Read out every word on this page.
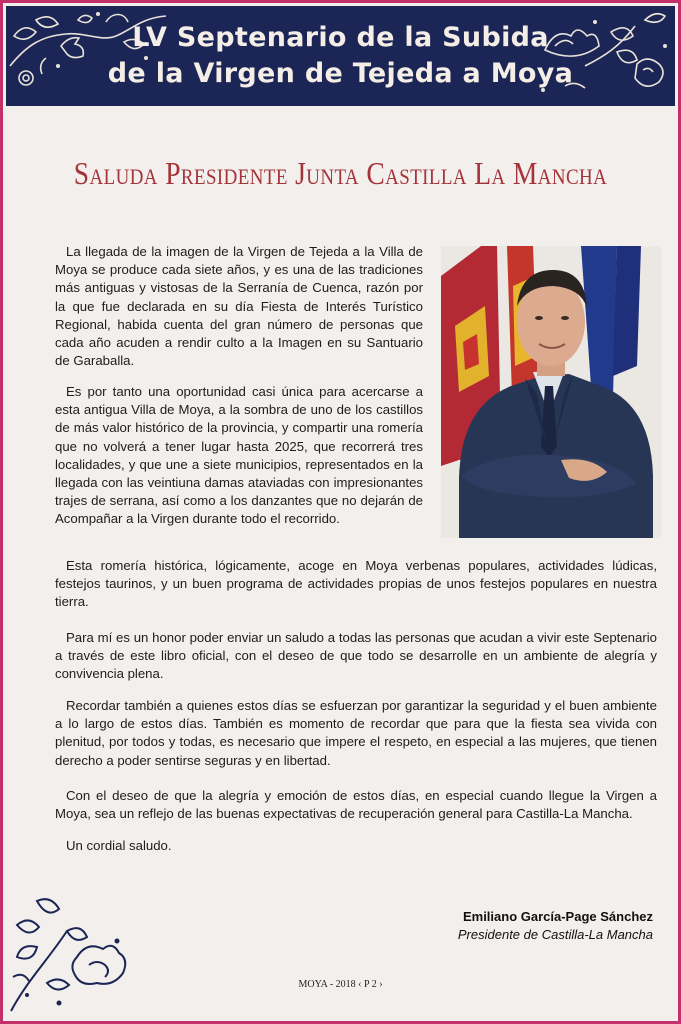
LV Septenario de la Subida
de la Virgen de Tejeda a Moya
Saluda Presidente Junta Castilla La Mancha

La llegada de la imagen de la Virgen de Tejeda a la Villa de Moya se produce cada siete años, y es una de las tradiciones más antiguas y vistosas de la Serranía de Cuenca, razón por la que fue declarada en su día Fiesta de Interés Turístico Regional, habida cuenta del gran número de personas que cada año acuden a rendir culto a la Imagen en su Santuario de Garaballa.

Es por tanto una oportunidad casi única para acercarse a esta antigua Villa de Moya, a la sombra de uno de los castillos de más valor histórico de la provincia, y compartir una romería que no volverá a tener lugar hasta 2025, que recorrerá tres localidades, y que une a siete municipios, representados en la llegada con las veintiuna damas ataviadas con impresionantes trajes de serrana, así como a los danzantes que no dejarán de Acompañar a la Virgen durante todo el recorrido.

Esta romería histórica, lógicamente, acoge en Moya verbenas populares, actividades lúdicas, festejos taurinos, y un buen programa de actividades propias de unos festejos populares en nuestra tierra.

Para mí es un honor poder enviar un saludo a todas las personas que acudan a vivir este Septenario a través de este libro oficial, con el deseo de que todo se desarrolle en un ambiente de alegría y convivencia plena.

Recordar también a quienes estos días se esfuerzan por garantizar la seguridad y el buen ambiente a lo largo de estos días. También es momento de recordar que para que la fiesta sea vivida con plenitud, por todos y todas, es necesario que impere el respeto, en especial a las mujeres, que tienen derecho a poder sentirse seguras y en libertad.

Con el deseo de que la alegría y emoción de estos días, en especial cuando llegue la Virgen a Moya, sea un reflejo de las buenas expectativas de recuperación general para Castilla-La Mancha.

Un cordial saludo.

Emiliano García-Page Sánchez
Presidente de Castilla-La Mancha
MOYA - 2018 ‹ P 2 ›
